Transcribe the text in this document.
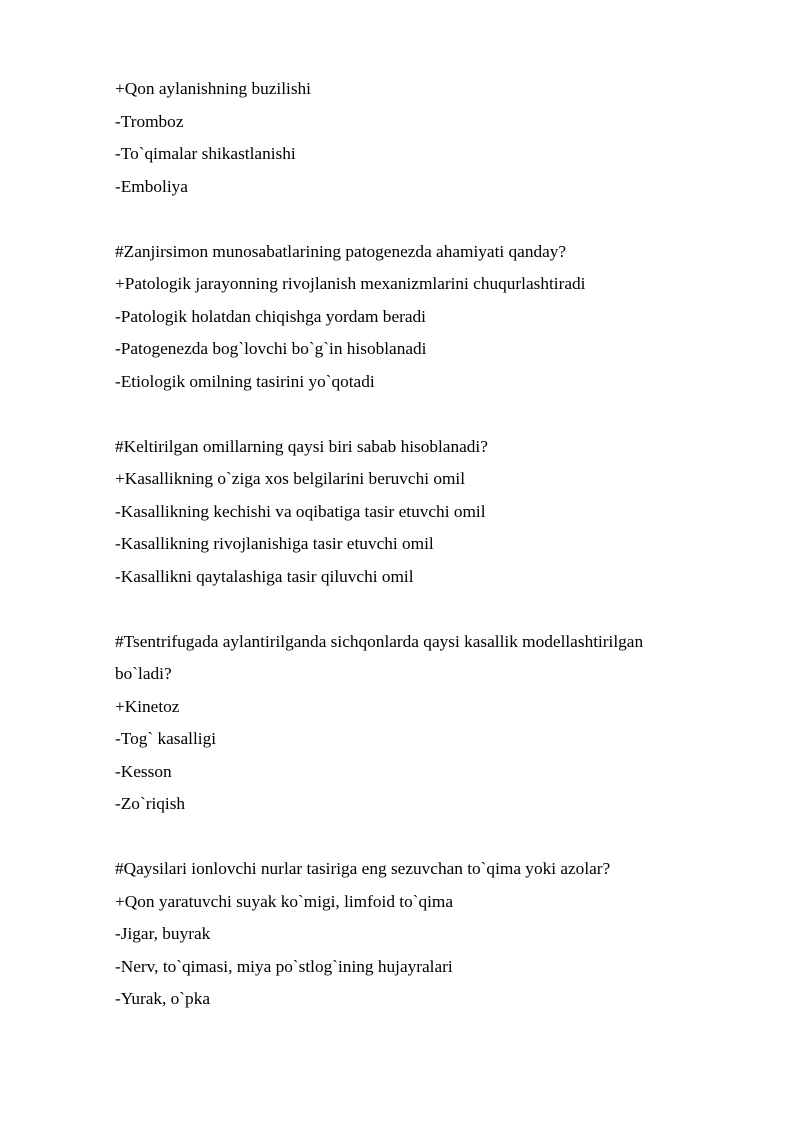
+Qon aylanishning buzilishi
-Tromboz
-To`qimalar shikastlanishi
-Emboliya
#Zanjirsimon munosabatlarining patogenezda ahamiyati qanday?
+Patologik jarayonning rivojlanish mexanizmlarini chuqurlashtiradi
-Patologik holatdan chiqishga yordam beradi
-Patogenezda bog`lovchi bo`g`in hisoblanadi
-Etiologik omilning tasirini yo`qotadi
#Keltirilgan omillarning qaysi biri sabab hisoblanadi?
+Kasallikning o`ziga xos belgilarini beruvchi omil
-Kasallikning kechishi va oqibatiga tasir etuvchi omil
-Kasallikning rivojlanishiga tasir etuvchi omil
-Kasallikni qaytalashiga tasir qiluvchi omil
#Tsentrifugada aylantirilganda sichqonlarda qaysi kasallik modellashtirilgan
bo`ladi?
+Kinetoz
-Tog` kasalligi
-Kesson
-Zo`riqish
#Qaysilari ionlovchi nurlar tasiriga eng sezuvchan to`qima yoki azolar?
+Qon yaratuvchi suyak ko`migi, limfoid to`qima
-Jigar, buyrak
-Nerv, to`qimasi, miya po`stlog`ining hujayralari
-Yurak, o`pka
